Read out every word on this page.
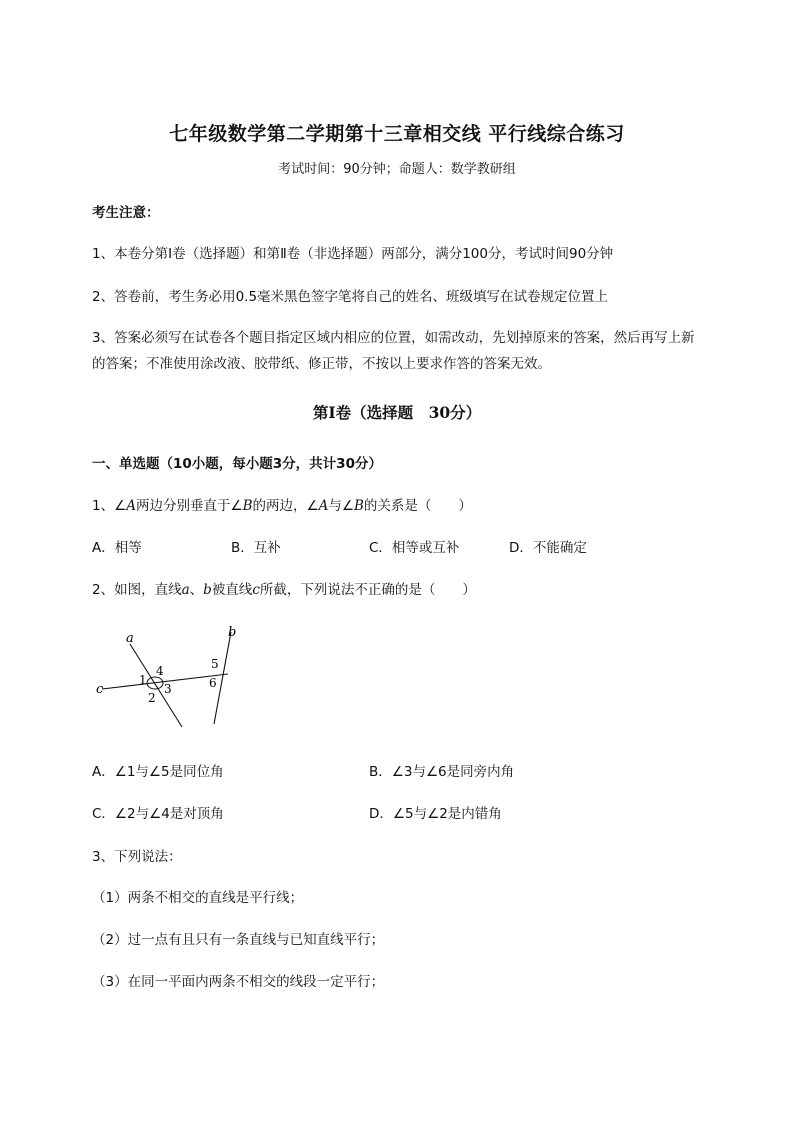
七年级数学第二学期第十三章相交线 平行线综合练习
考试时间：90分钟；命题人：数学教研组
考生注意：
1、本卷分第I卷（选择题）和第Ⅱ卷（非选择题）两部分，满分100分，考试时间90分钟
2、答卷前，考生务必用0.5毫米黑色签字笔将自己的姓名、班级填写在试卷规定位置上
3、答案必须写在试卷各个题目指定区域内相应的位置，如需改动，先划掉原来的答案，然后再写上新
的答案；不准使用涂改液、胶带纸、修正带，不按以上要求作答的答案无效。
第I卷（选择题　30分）
一、单选题（10小题，每小题3分，共计30分）
1、∠A两边分别垂直于∠B的两边，∠A与∠B的关系是（　　）
A．相等	B．互补	C．相等或互补	D．不能确定
2、如图，直线a、b被直线c所截，下列说法不正确的是（　　）
a	b
c
1
2
3
4	5
6
A．∠1与∠5是同位角	B．∠3与∠6是同旁内角
C．∠2与∠4是对顶角	D．∠5与∠2是内错角
3、下列说法：
（1）两条不相交的直线是平行线；
（2）过一点有且只有一条直线与已知直线平行；
（3）在同一平面内两条不相交的线段一定平行；
